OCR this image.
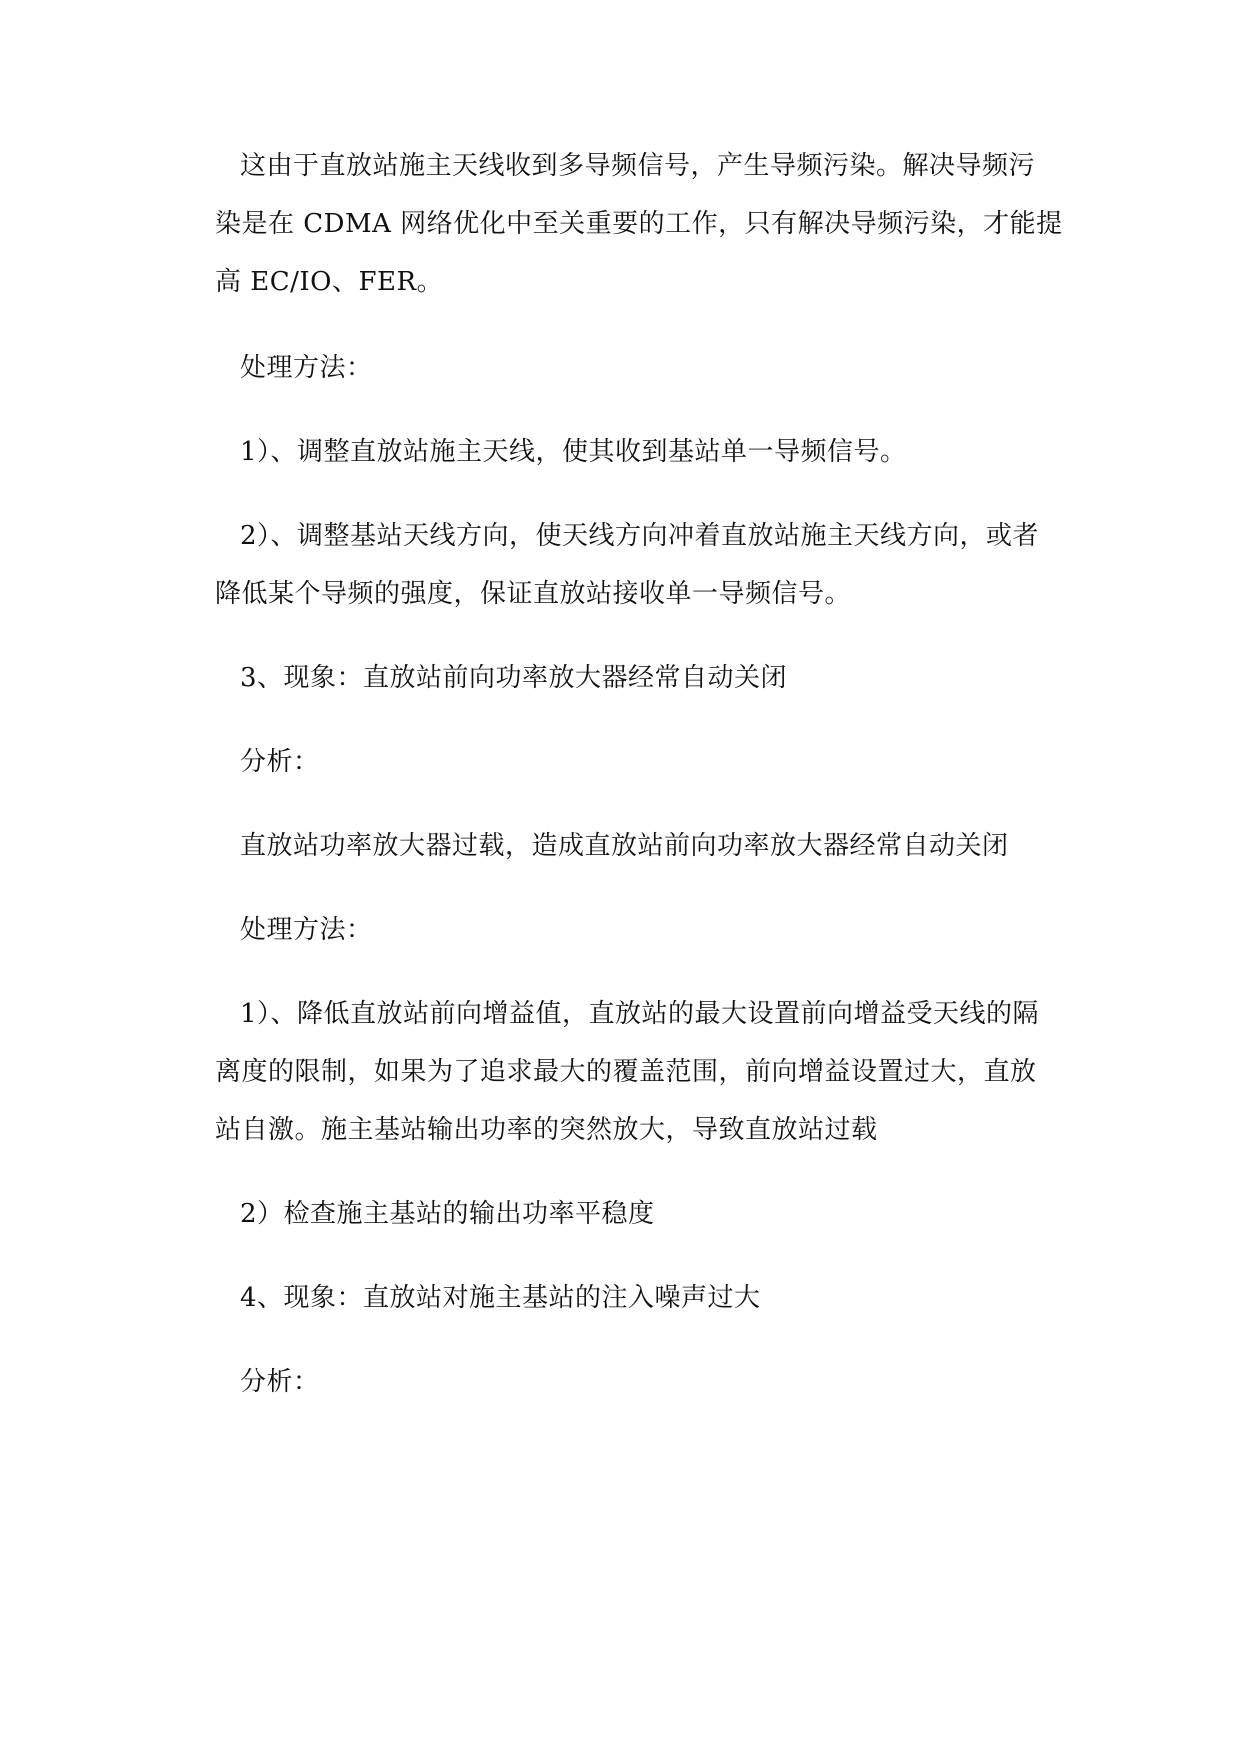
这由于直放站施主天线收到多导频信号，产生导频污染。解决导频污
染是在 CDMA 网络优化中至关重要的工作，只有解决导频污染，才能提
高 EC/IO、FER。
处理方法：
1）、调整直放站施主天线，使其收到基站单一导频信号。
2）、调整基站天线方向，使天线方向冲着直放站施主天线方向，或者
降低某个导频的强度，保证直放站接收单一导频信号。
3、现象：直放站前向功率放大器经常自动关闭
分析：
直放站功率放大器过载，造成直放站前向功率放大器经常自动关闭
处理方法：
1）、降低直放站前向增益值，直放站的最大设置前向增益受天线的隔
离度的限制，如果为了追求最大的覆盖范围，前向增益设置过大，直放
站自激。施主基站输出功率的突然放大，导致直放站过载
2）检查施主基站的输出功率平稳度
4、现象：直放站对施主基站的注入噪声过大
分析：
